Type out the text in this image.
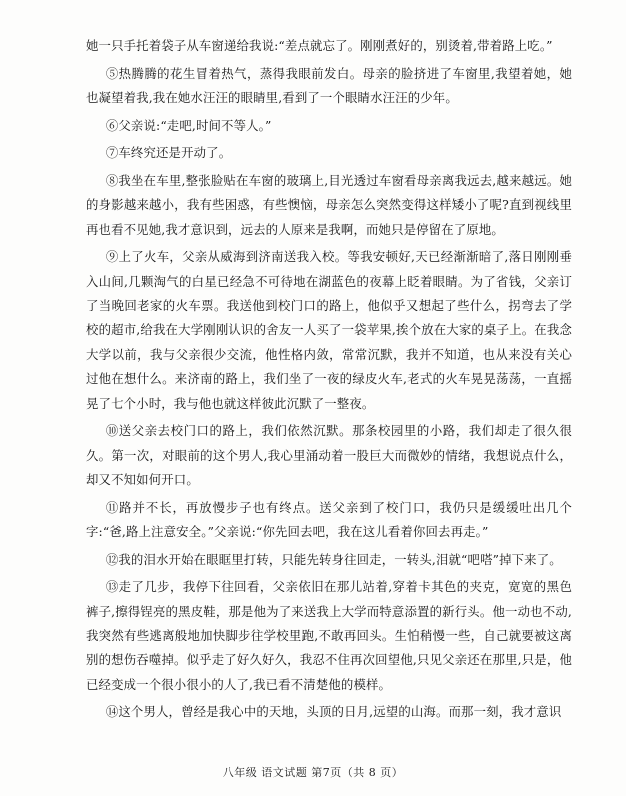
她一只手托着袋子从车窗递给我说:“差点就忘了。刚刚煮好的，别烫着,带着路上吃。”

⑤热腾腾的花生冒着热气，蒸得我眼前发白。母亲的脸挤进了车窗里,我望着她，她也凝望着我,我在她水汪汪的眼睛里,看到了一个眼睛水汪汪的少年。

⑥父亲说:“走吧,时间不等人。”

⑦车终究还是开动了。

⑧我坐在车里,整张脸贴在车窗的玻璃上,目光透过车窗看母亲离我远去,越来越远。她的身影越来越小，我有些困惑，有些懊恼，母亲怎么突然变得这样矮小了呢?直到视线里再也看不见她,我才意识到，远去的人原来是我啊，而她只是停留在了原地。

⑨上了火车，父亲从威海到济南送我入校。等我安顿好,天已经渐渐暗了,落日刚刚垂入山间,几颗淘气的白星已经急不可待地在湖蓝色的夜幕上眨着眼睛。为了省钱，父亲订了当晚回老家的火车票。我送他到校门口的路上，他似乎又想起了些什么，拐弯去了学校的超市,给我在大学刚刚认识的舍友一人买了一袋苹果,挨个放在大家的桌子上。在我念大学以前，我与父亲很少交流，他性格内敛，常常沉默，我并不知道，也从来没有关心过他在想什么。来济南的路上，我们坐了一夜的绿皮火车,老式的火车晃晃荡荡，一直摇晃了七个小时，我与他也就这样彼此沉默了一整夜。

⑩送父亲去校门口的路上，我们依然沉默。那条校园里的小路，我们却走了很久很久。第一次，对眼前的这个男人,我心里涌动着一股巨大而微妙的情绪，我想说点什么，却又不知如何开口。

⑪路并不长，再放慢步子也有终点。送父亲到了校门口，我仍只是缓缓吐出几个字:“爸,路上注意安全。”父亲说:“你先回去吧，我在这儿看着你回去再走。”

⑫我的泪水开始在眼眶里打转，只能先转身往回走，一转头,泪就“吧嗒”掉下来了。

⑬走了几步，我停下往回看，父亲依旧在那儿站着,穿着卡其色的夹克，宽宽的黑色裤子,擦得锃亮的黑皮鞋，那是他为了来送我上大学而特意添置的新行头。他一动也不动,我突然有些逃离般地加快脚步往学校里跑,不敢再回头。生怕稍慢一些，自己就要被这离别的想伤吞噬掉。似乎走了好久好久，我忍不住再次回望他,只见父亲还在那里,只是，他已经变成一个很小很小的人了,我已看不清楚他的模样。

⑭这个男人，曾经是我心中的天地，头顶的日月,远望的山海。而那一刻，我才意识

八年级 语文试题 第7页（共 8 页）
